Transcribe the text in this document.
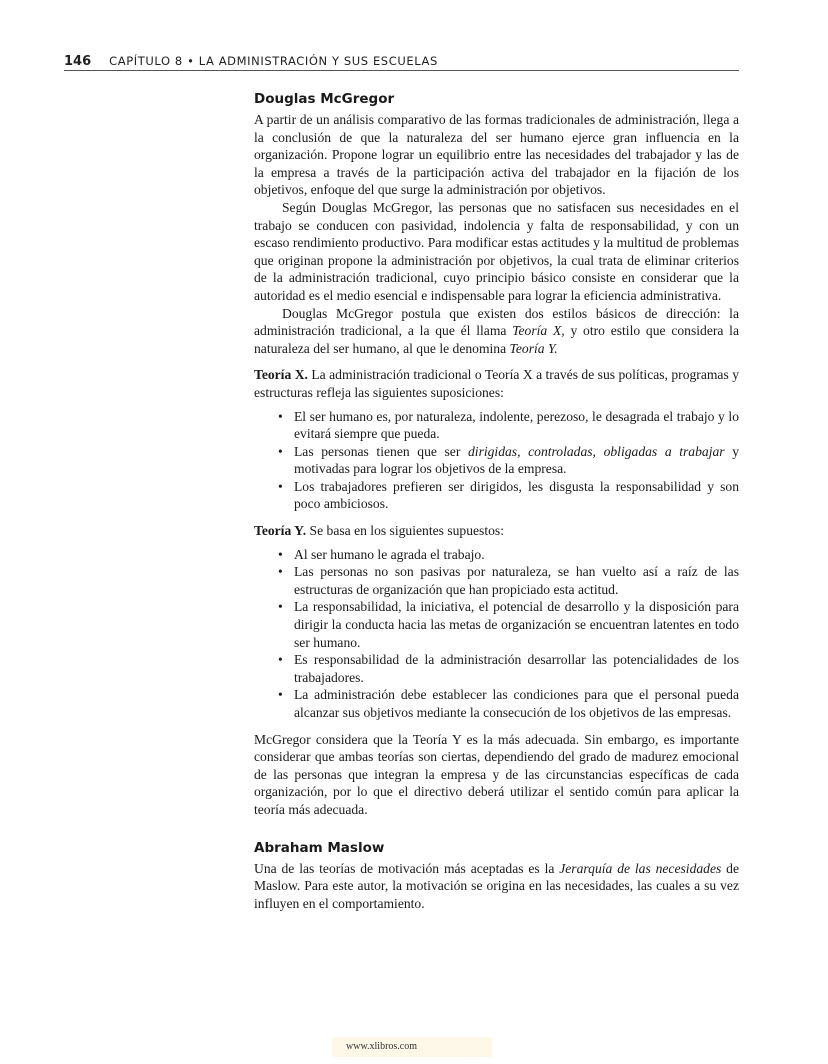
146 CAPÍTULO 8 • LA ADMINISTRACIÓN Y SUS ESCUELAS
Douglas McGregor

A partir de un análisis comparativo de las formas tradicionales de administración, llega a la conclusión de que la naturaleza del ser humano ejerce gran influencia en la organización. Propone lograr un equilibrio entre las necesidades del trabajador y las de la empresa a través de la participación activa del trabajador en la fijación de los objetivos, enfoque del que surge la administración por objetivos.

Según Douglas McGregor, las personas que no satisfacen sus necesidades en el trabajo se conducen con pasividad, indolencia y falta de responsabilidad, y con un escaso rendimiento productivo. Para modificar estas actitudes y la multitud de problemas que originan propone la administración por objetivos, la cual trata de eliminar criterios de la administración tradicional, cuyo principio básico consiste en considerar que la autoridad es el medio esencial e indispensable para lograr la eficiencia administrativa.

Douglas McGregor postula que existen dos estilos básicos de dirección: la administración tradicional, a la que él llama Teoría X, y otro estilo que considera la naturaleza del ser humano, al que le denomina Teoría Y.

Teoría X. La administración tradicional o Teoría X a través de sus políticas, programas y estructuras refleja las siguientes suposiciones:

• El ser humano es, por naturaleza, indolente, perezoso, le desagrada el trabajo y lo evitará siempre que pueda.
• Las personas tienen que ser dirigidas, controladas, obligadas a trabajar y motivadas para lograr los objetivos de la empresa.
• Los trabajadores prefieren ser dirigidos, les disgusta la responsabilidad y son poco ambiciosos.

Teoría Y. Se basa en los siguientes supuestos:

• Al ser humano le agrada el trabajo.
• Las personas no son pasivas por naturaleza, se han vuelto así a raíz de las estructuras de organización que han propiciado esta actitud.
• La responsabilidad, la iniciativa, el potencial de desarrollo y la disposición para dirigir la conducta hacia las metas de organización se encuentran latentes en todo ser humano.
• Es responsabilidad de la administración desarrollar las potencialidades de los trabajadores.
• La administración debe establecer las condiciones para que el personal pueda alcanzar sus objetivos mediante la consecución de los objetivos de las empresas.

McGregor considera que la Teoría Y es la más adecuada. Sin embargo, es importante considerar que ambas teorías son ciertas, dependiendo del grado de madurez emocional de las personas que integran la empresa y de las circunstancias específicas de cada organización, por lo que el directivo deberá utilizar el sentido común para aplicar la teoría más adecuada.

Abraham Maslow

Una de las teorías de motivación más aceptadas es la Jerarquía de las necesidades de Maslow. Para este autor, la motivación se origina en las necesidades, las cuales a su vez influyen en el comportamiento.

www.xlibros.com
